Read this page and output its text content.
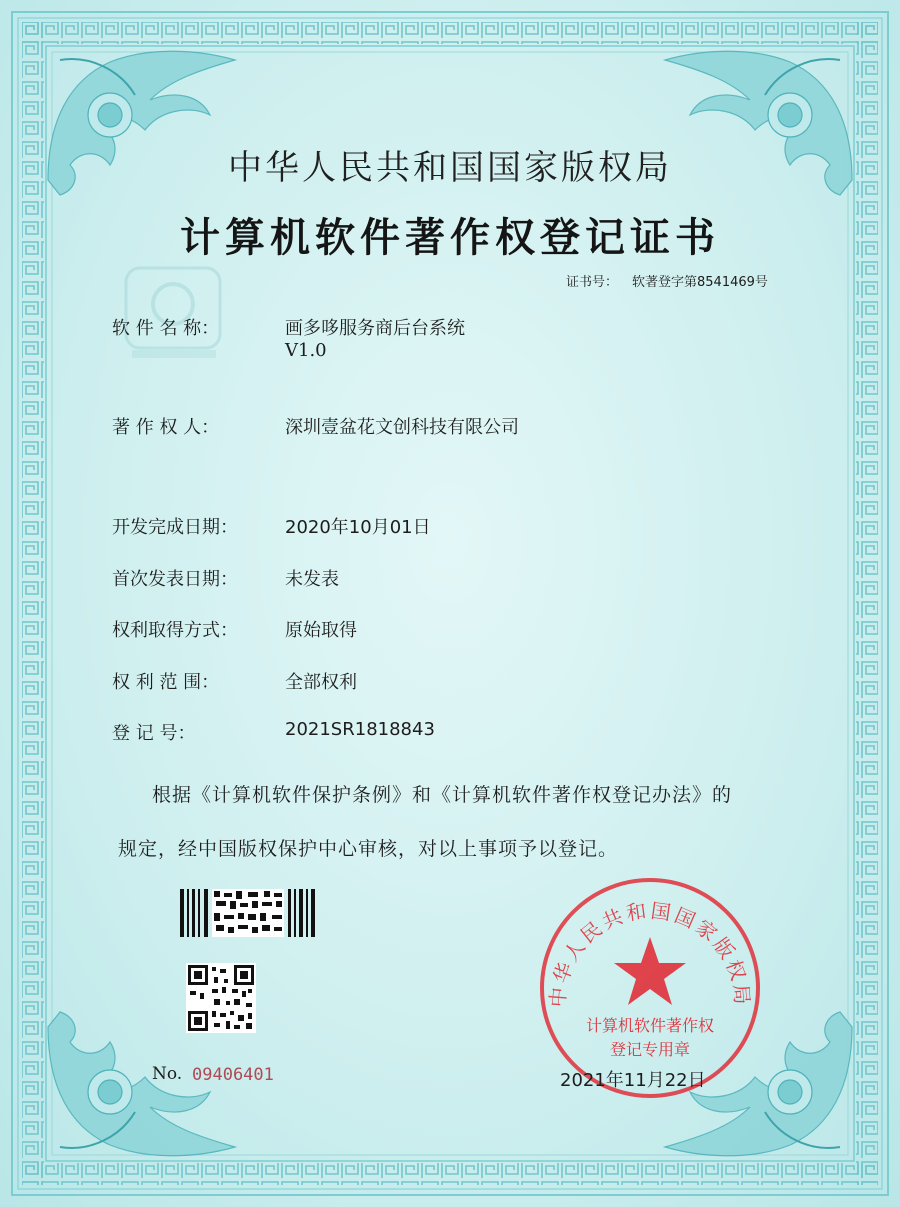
中华人民共和国国家版权局
计算机软件著作权登记证书
证书号： 软著登字第8541469号
软 件 名 称：	画多哆服务商后台系统
V1.0
著 作 权 人：	深圳壹盆花文创科技有限公司
开发完成日期：	2020年10月01日
首次发表日期：	未发表
权利取得方式：	原始取得
权 利 范 围：	全部权利
登 记 号：	2021SR1818843
根据《计算机软件保护条例》和《计算机软件著作权登记办法》的
规定，经中国版权保护中心审核，对以上事项予以登记。
No. 09406401
中华人民共和国国家版权局
计算机软件著作权
登记专用章
2021年11月22日
